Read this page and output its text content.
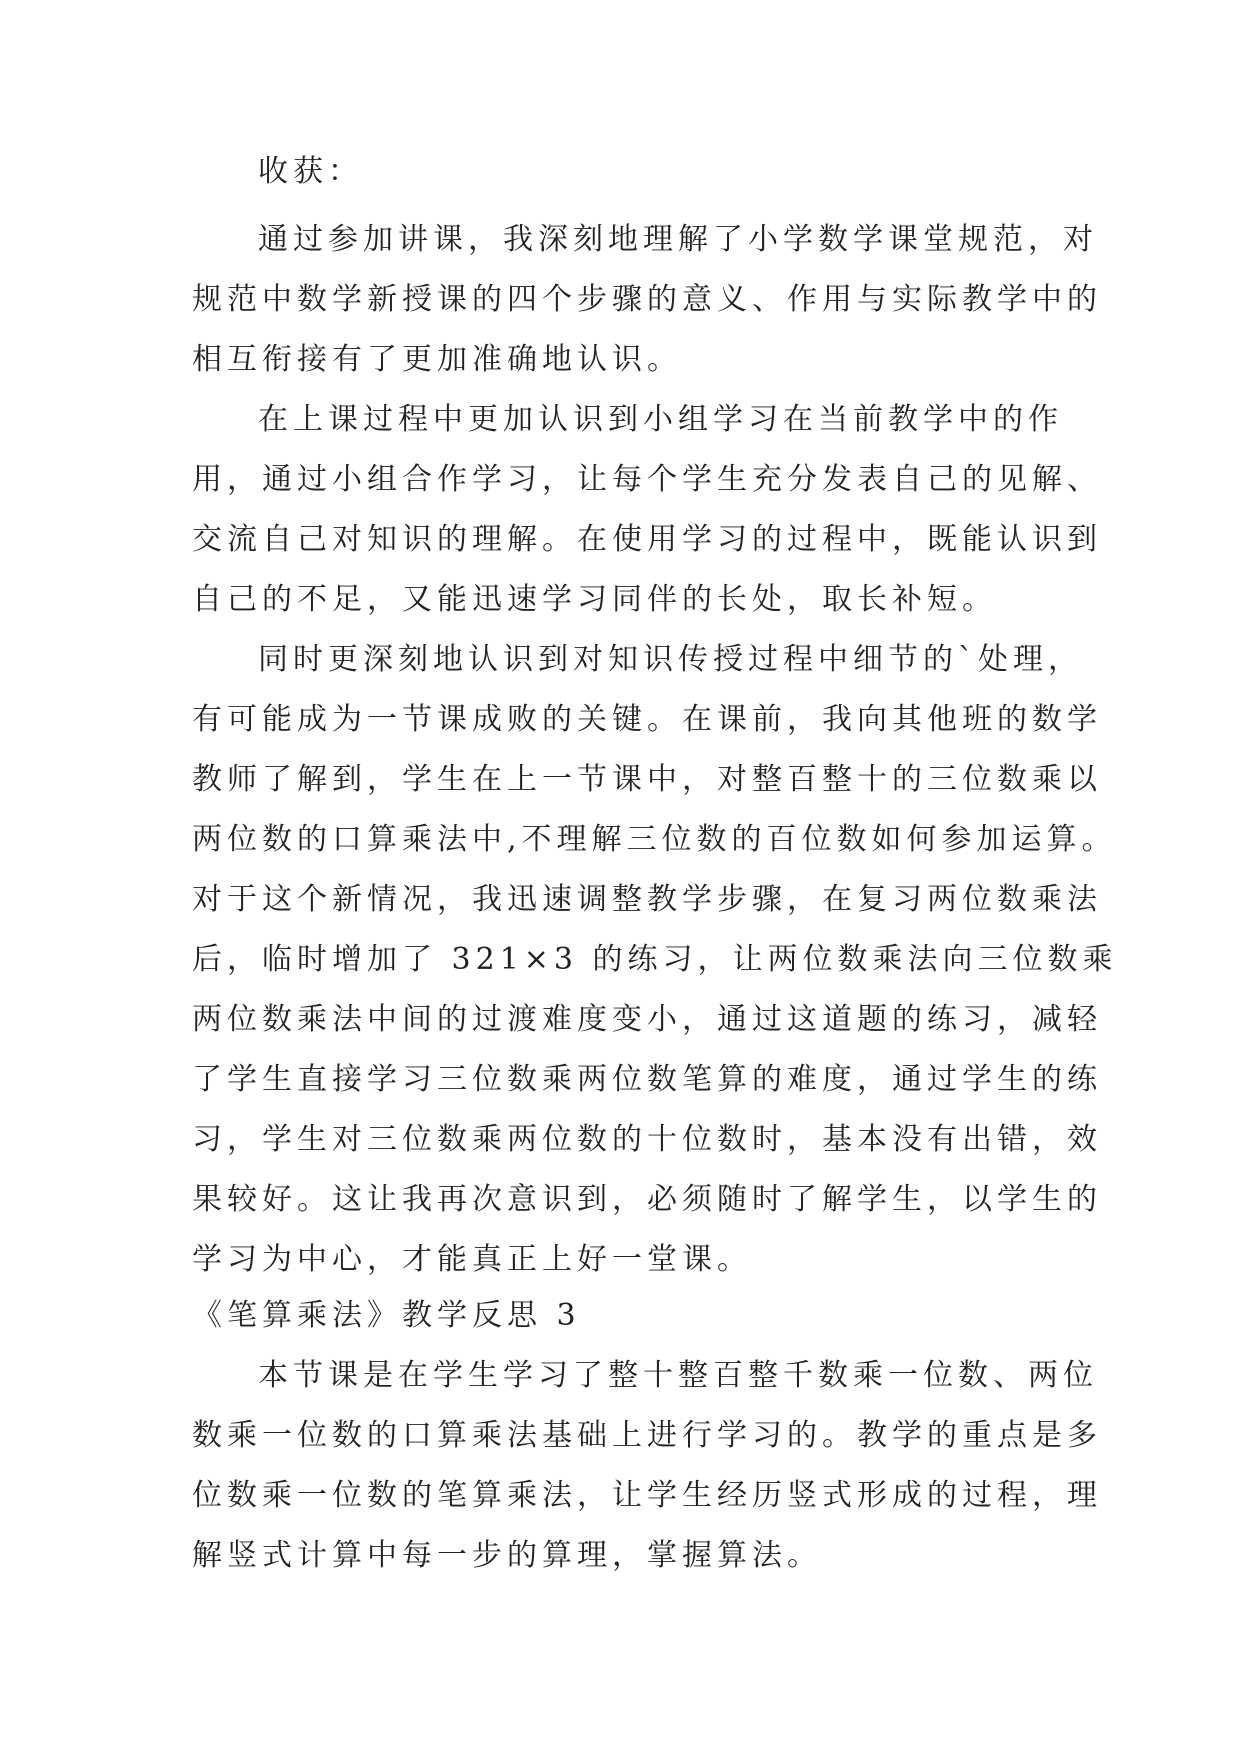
收获：
通过参加讲课，我深刻地理解了小学数学课堂规范，对
规范中数学新授课的四个步骤的意义、作用与实际教学中的
相互衔接有了更加准确地认识。
在上课过程中更加认识到小组学习在当前教学中的作
用，通过小组合作学习，让每个学生充分发表自己的见解、
交流自己对知识的理解。在使用学习的过程中，既能认识到
自己的不足，又能迅速学习同伴的长处，取长补短。
同时更深刻地认识到对知识传授过程中细节的`处理，
有可能成为一节课成败的关键。在课前，我向其他班的数学
教师了解到，学生在上一节课中，对整百整十的三位数乘以
两位数的口算乘法中,不理解三位数的百位数如何参加运算。
对于这个新情况，我迅速调整教学步骤，在复习两位数乘法
后，临时增加了 321×3 的练习，让两位数乘法向三位数乘
两位数乘法中间的过渡难度变小，通过这道题的练习，减轻
了学生直接学习三位数乘两位数笔算的难度，通过学生的练
习，学生对三位数乘两位数的十位数时，基本没有出错，效
果较好。这让我再次意识到，必须随时了解学生，以学生的
学习为中心，才能真正上好一堂课。
《笔算乘法》教学反思 3
本节课是在学生学习了整十整百整千数乘一位数、两位
数乘一位数的口算乘法基础上进行学习的。教学的重点是多
位数乘一位数的笔算乘法，让学生经历竖式形成的过程，理
解竖式计算中每一步的算理，掌握算法。
